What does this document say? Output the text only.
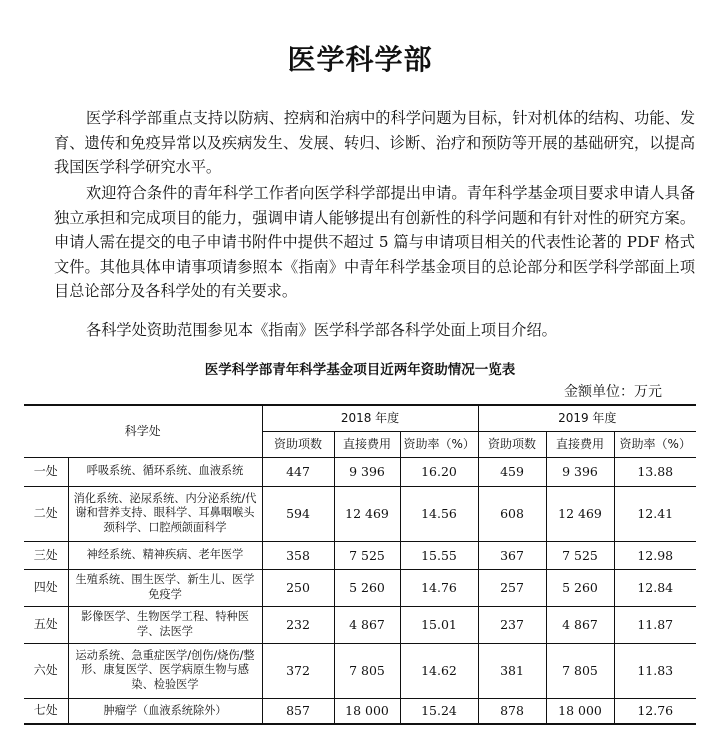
医学科学部

医学科学部重点支持以防病、控病和治病中的科学问题为目标，针对机体的结构、功能、发育、遗传和免疫异常以及疾病发生、发展、转归、诊断、治疗和预防等开展的基础研究，以提高我国医学科学研究水平。

欢迎符合条件的青年科学工作者向医学科学部提出申请。青年科学基金项目要求申请人具备独立承担和完成项目的能力，强调申请人能够提出有创新性的科学问题和有针对性的研究方案。申请人需在提交的电子申请书附件中提供不超过 5 篇与申请项目相关的代表性论著的 PDF 格式文件。其他具体申请事项请参照本《指南》中青年科学基金项目的总论部分和医学科学部面上项目总论部分及各科学处的有关要求。

各科学处资助范围参见本《指南》医学科学部各科学处面上项目介绍。

医学科学部青年科学基金项目近两年资助情况一览表
金额单位：万元
科学处		2018 年度			2019 年度		
		资助项数	直接费用	资助率（%）	资助项数	直接费用	资助率（%）
一处	呼吸系统、循环系统、血液系统	447	9 396	16.20	459	9 396	13.88
二处	消化系统、泌尿系统、内分泌系统/代谢和营养支持、眼科学、耳鼻咽喉头颈科学、口腔颅颌面科学	594	12 469	14.56	608	12 469	12.41
三处	神经系统、精神疾病、老年医学	358	7 525	15.55	367	7 525	12.98
四处	生殖系统、围生医学、新生儿、医学免疫学	250	5 260	14.76	257	5 260	12.84
五处	影像医学、生物医学工程、特种医学、法医学	232	4 867	15.01	237	4 867	11.87
六处	运动系统、急重症医学/创伤/烧伤/整形、康复医学、医学病原生物与感染、检验医学	372	7 805	14.62	381	7 805	11.83
七处	肿瘤学（血液系统除外）	857	18 000	15.24	878	18 000	12.76
